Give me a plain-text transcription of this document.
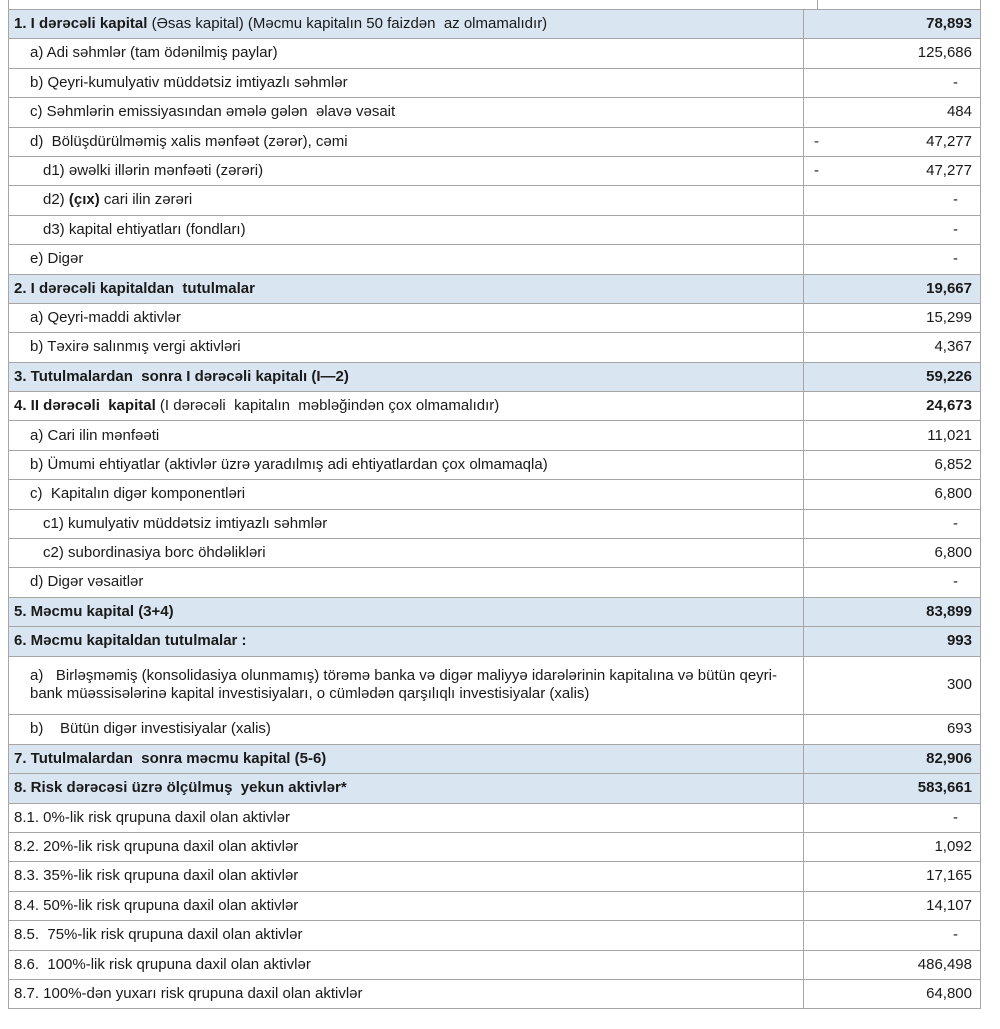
1. I dərəcəli kapital (Əsas kapital) (Məcmu kapitalın 50 faizdən  az olmamalıdır)	78,893
a) Adi səhmlər (tam ödənilmiş paylar)	125,686
b) Qeyri-kumulyativ müddətsiz imtiyazlı səhmlər	-
c) Səhmlərin emissiyasından əmələ gələn  əlavə vəsait	484
d)  Bölüşdürülməmiş xalis mənfəət (zərər), cəmi	- 47,277

d1) əwəlki illərin mənfəəti (zərəri)	- 47,277

d2) (çıx) cari ilin zərəri	-
d3) kapital ehtiyatları (fondları)	-
e) Digər	-
2. I dərəcəli kapitaldan  tutulmalar	19,667
a) Qeyri-maddi aktivlər	15,299
b) Təxirə salınmış vergi aktivləri	4,367
3. Tutulmalardan  sonra I dərəcəli kapitalı (I—2)	59,226
4. II dərəcəli  kapital (I dərəcəli  kapitalın  məbləğindən çox olmamalıdır)	24,673
a) Cari ilin mənfəəti	11,021
b) Ümumi ehtiyatlar (aktivlər üzrə yaradılmış adi ehtiyatlardan çox olmamaqla)	6,852
c)  Kapitalın digər komponentləri	6,800
c1) kumulyativ müddətsiz imtiyazlı səhmlər	-
c2) subordinasiya borc öhdəlikləri	6,800
d) Digər vəsaitlər	-
5. Məcmu kapital (3+4)	83,899
6. Məcmu kapitaldan tutulmalar :	993
a)   Birləşməmiş (konsolidasiya olunmamış) törəmə banka və digər maliyyə idarələrinin kapitalına və bütün qeyri-bank müəssisələrinə kapital investisiyaları, o cümlədən qarşılıqlı investisiyalar (xalis)	300
b)    Bütün digər investisiyalar (xalis)	693
7. Tutulmalardan  sonra məcmu kapital (5-6)	82,906
8. Risk dərəcəsi üzrə ölçülmuş  yekun aktivlər*	583,661
8.1. 0%-lik risk qrupuna daxil olan aktivlər	-
8.2. 20%-lik risk qrupuna daxil olan aktivlər	1,092
8.3. 35%-lik risk qrupuna daxil olan aktivlər	17,165
8.4. 50%-lik risk qrupuna daxil olan aktivlər	14,107
8.5.  75%-lik risk qrupuna daxil olan aktivlər	-
8.6.  100%-lik risk qrupuna daxil olan aktivlər	486,498
8.7. 100%-dən yuxarı risk qrupuna daxil olan aktivlər	64,800
